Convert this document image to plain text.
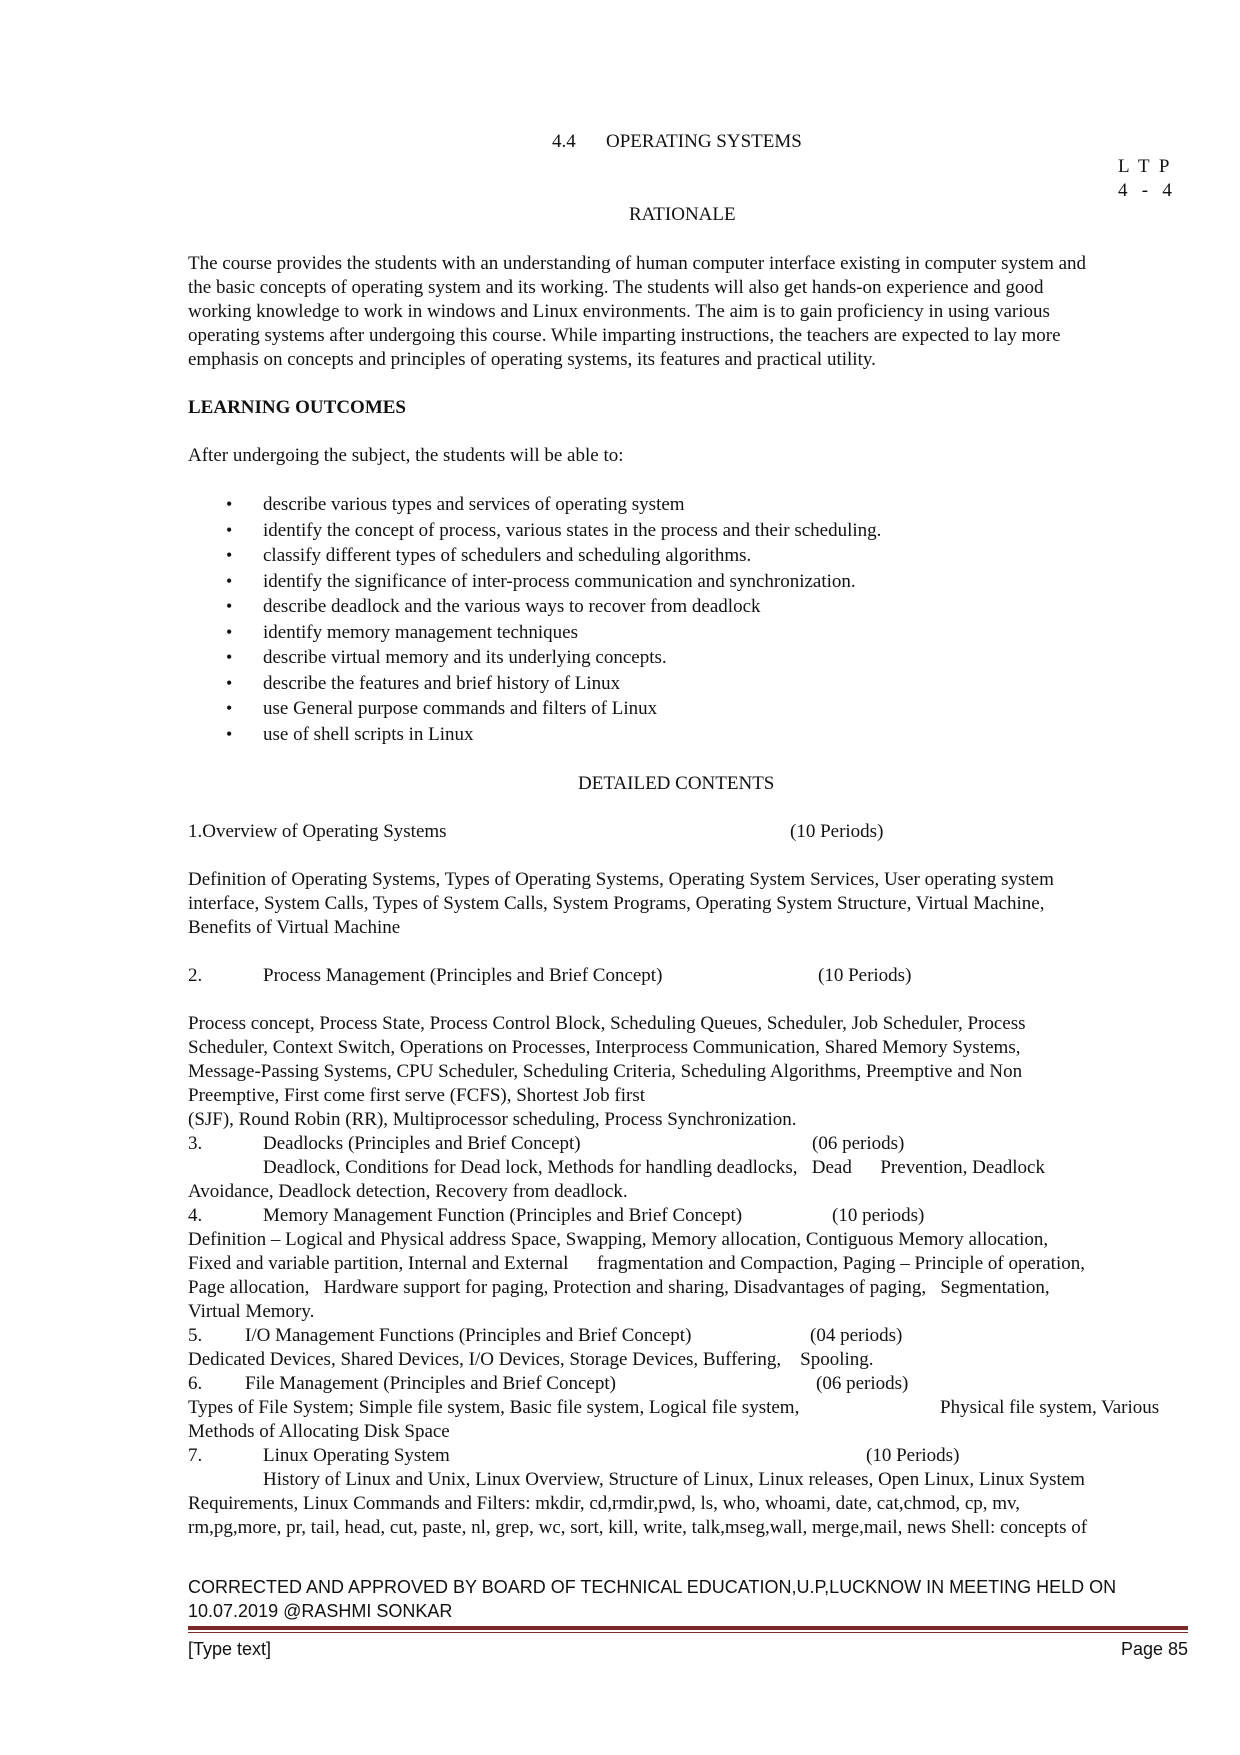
4.4 OPERATING SYSTEMS
L  T  P
4   -   4
RATIONALE

The course provides the students with an understanding of human computer interface existing in computer system and

the basic concepts of operating system and its working. The students will also get hands-on experience and good

working knowledge to work in windows and Linux environments. The aim is to gain proficiency in using various

operating systems after undergoing this course. While imparting instructions, the teachers are expected to lay more

emphasis on concepts and principles of operating systems, its features and practical utility.

LEARNING OUTCOMES
After undergoing the subject, the students will be able to:
• describe various types and services of operating system
• identify the concept of process, various states in the process and their scheduling.
• classify different types of schedulers and scheduling algorithms.
• identify the significance of inter-process communication and synchronization.
• describe deadlock and the various ways to recover from deadlock
• identify memory management techniques
• describe virtual memory and its underlying concepts.
• describe the features and brief history of Linux
• use General purpose commands and filters of Linux
• use of shell scripts in Linux
DETAILED CONTENTS
1.Overview of Operating Systems	(10 Periods)

Definition of Operating Systems, Types of Operating Systems, Operating System Services, User operating system

interface, System Calls, Types of System Calls, System Programs, Operating System Structure, Virtual Machine,

Benefits of Virtual Machine

2.	Process Management (Principles and Brief Concept)	(10 Periods)

Process concept, Process State, Process Control Block, Scheduling Queues, Scheduler, Job Scheduler, Process

Scheduler, Context Switch, Operations on Processes, Interprocess Communication, Shared Memory Systems,

Message-Passing Systems, CPU Scheduler, Scheduling Criteria, Scheduling Algorithms, Preemptive and Non

Preemptive, First come first serve (FCFS), Shortest Job first

(SJF), Round Robin (RR), Multiprocessor scheduling, Process Synchronization.

3.	Deadlocks (Principles and Brief Concept)	(06 periods)
Deadlock, Conditions for Dead lock, Methods for handling deadlocks,   Dead      Prevention, Deadlock
Avoidance, Deadlock detection, Recovery from deadlock.
4.	Memory Management Function (Principles and Brief Concept)	(10 periods)

Definition – Logical and Physical address Space, Swapping, Memory allocation, Contiguous Memory allocation,

Fixed and variable partition, Internal and External      fragmentation and Compaction, Paging – Principle of operation,

Page allocation,   Hardware support for paging, Protection and sharing, Disadvantages of paging,   Segmentation,

Virtual Memory.

5. I/O Management Functions (Principles and Brief Concept)	(04 periods)
Dedicated Devices, Shared Devices, I/O Devices, Storage Devices, Buffering,    Spooling.
6. File Management (Principles and Brief Concept)	(06 periods)
Types of File System; Simple file system, Basic file system, Logical file system,	Physical file system, Various
Methods of Allocating Disk Space
7.	Linux Operating System	(10 Periods)
History of Linux and Unix, Linux Overview, Structure of Linux, Linux releases, Open Linux, Linux System
Requirements, Linux Commands and Filters: mkdir, cd,rmdir,pwd, ls, who, whoami, date, cat,chmod, cp, mv,
rm,pg,more, pr, tail, head, cut, paste, nl, grep, wc, sort, kill, write, talk,mseg,wall, merge,mail, news Shell: concepts of
CORRECTED AND APPROVED BY BOARD OF TECHNICAL EDUCATION,U.P,LUCKNOW IN MEETING HELD ON
10.07.2019 @RASHMI SONKAR
[Type text]	Page 85
